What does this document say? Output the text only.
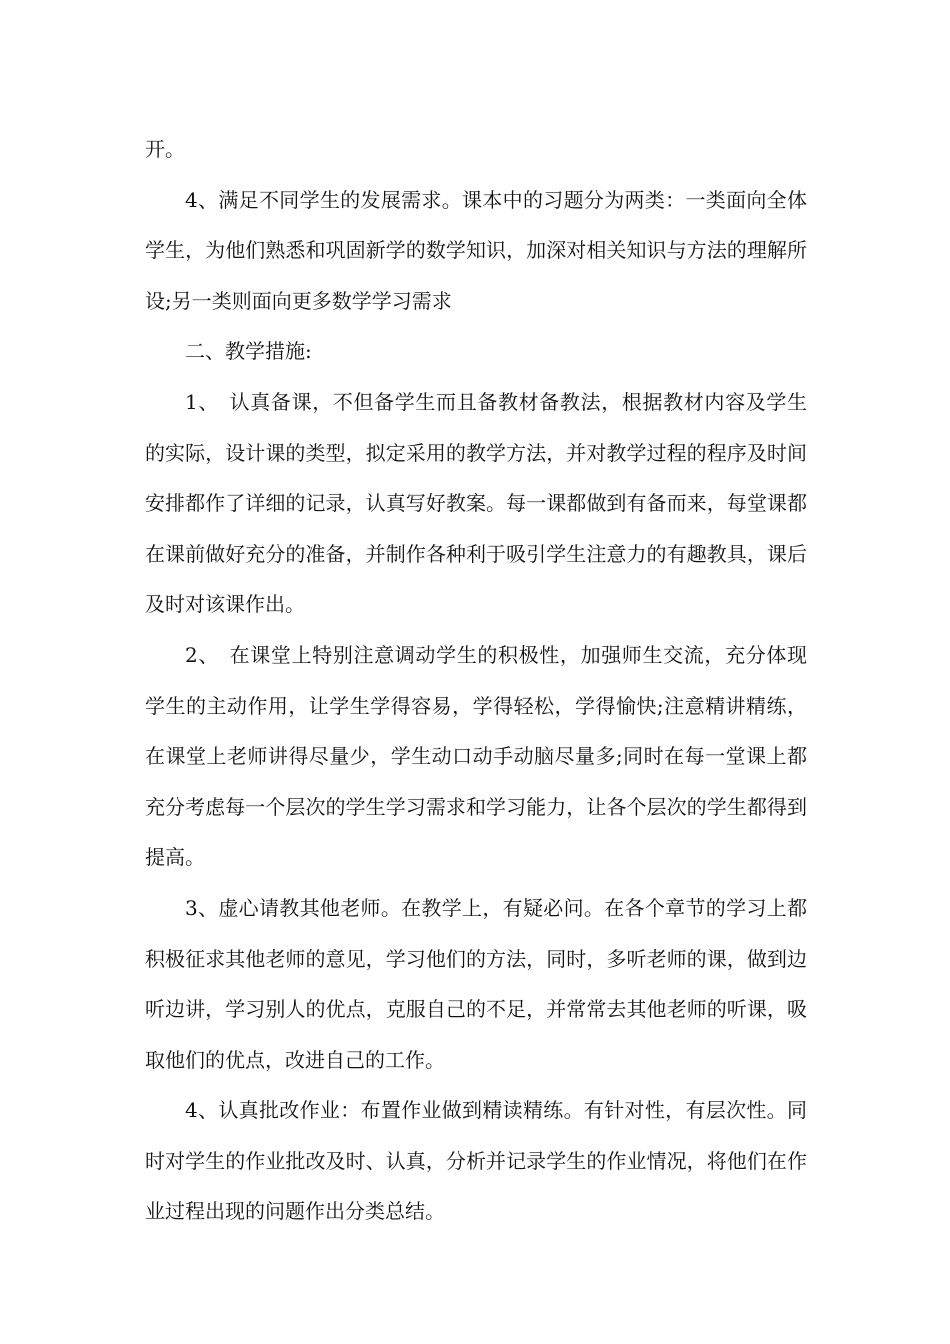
开。

4、满足不同学生的发展需求。课本中的习题分为两类：一类面向全体学生，为他们熟悉和巩固新学的数学知识，加深对相关知识与方法的理解所设;另一类则面向更多数学学习需求

二、教学措施:

1、　认真备课，不但备学生而且备教材备教法，根据教材内容及学生的实际，设计课的类型，拟定采用的教学方法，并对教学过程的程序及时间安排都作了详细的记录，认真写好教案。每一课都做到有备而来，每堂课都在课前做好充分的准备，并制作各种利于吸引学生注意力的有趣教具，课后及时对该课作出。

2、　在课堂上特别注意调动学生的积极性，加强师生交流，充分体现学生的主动作用，让学生学得容易，学得轻松，学得愉快;注意精讲精练，在课堂上老师讲得尽量少，学生动口动手动脑尽量多;同时在每一堂课上都充分考虑每一个层次的学生学习需求和学习能力，让各个层次的学生都得到提高。

3、虚心请教其他老师。在教学上，有疑必问。在各个章节的学习上都积极征求其他老师的意见，学习他们的方法，同时，多听老师的课，做到边听边讲，学习别人的优点，克服自己的不足，并常常去其他老师的听课，吸取他们的优点，改进自己的工作。

4、认真批改作业：布置作业做到精读精练。有针对性，有层次性。同时对学生的作业批改及时、认真，分析并记录学生的作业情况，将他们在作业过程出现的问题作出分类总结。
